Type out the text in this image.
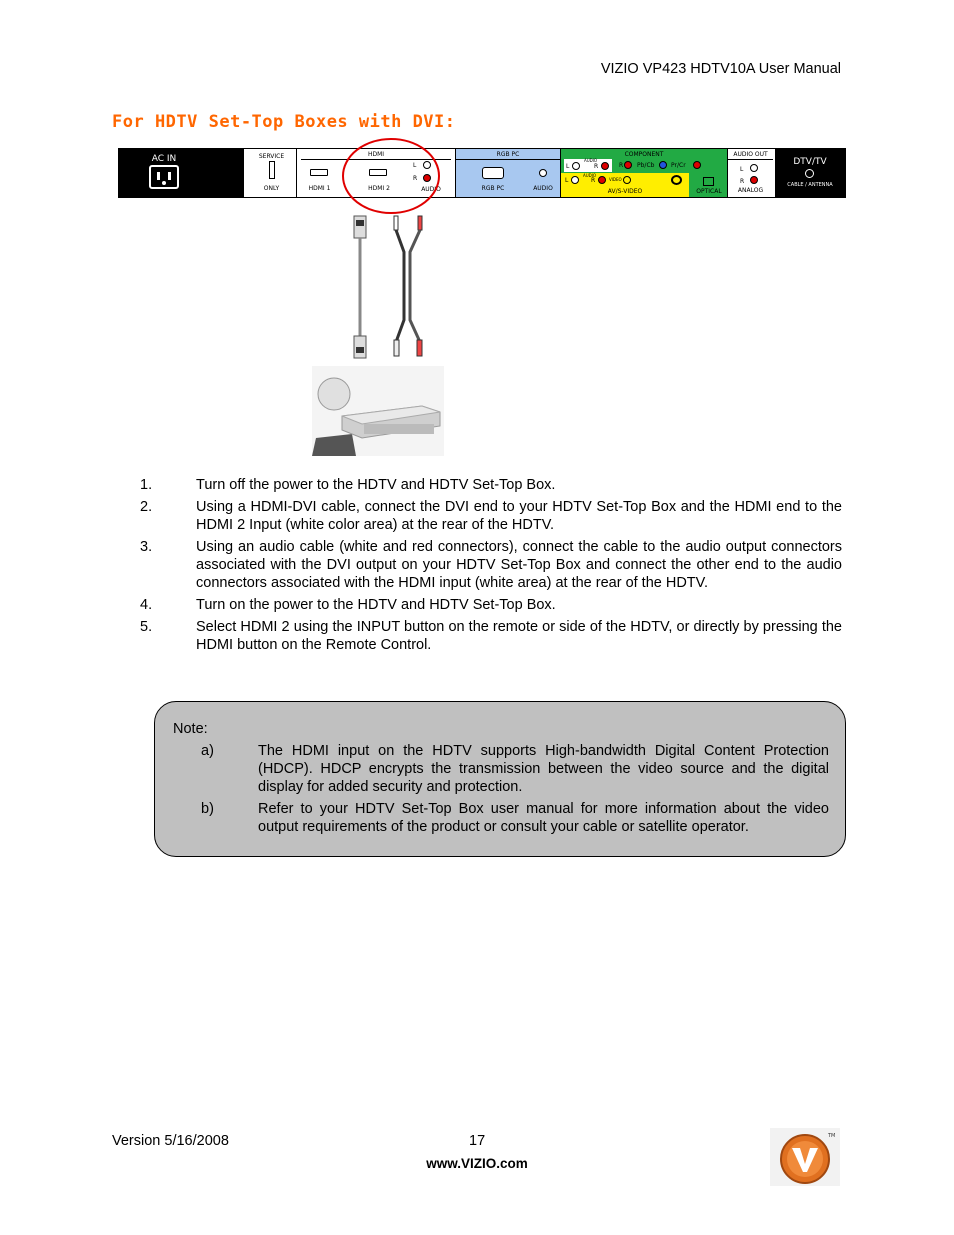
VIZIO VP423 HDTV10A User Manual
For HDTV Set-Top Boxes with DVI:
AC IN	SERVICE
ONLY	HDMI 1
HDMI
HDMI 2
L
R
AUDIO
RGB PC
RGB PC	AUDIO
COMPONENT
AUDIO
L	R	R Pb/Cb	Pr/Cr
AUDIO
L	R	VIDEO
AV/S-VIDEO	OPTICAL
AUDIO OUT
L
R
ANALOG
DTV/TV
CABLE / ANTENNA
1.	Turn off the power to the HDTV and HDTV Set-Top Box.
2.	Using a HDMI-DVI cable, connect the DVI end to your HDTV Set-Top Box and the HDMI end to the HDMI 2 Input (white color area) at the rear of the HDTV.
3.	Using an audio cable (white and red connectors), connect the cable to the audio output connectors associated with the DVI output on your HDTV Set-Top Box and connect the other end to the audio connectors associated with the HDMI input (white area) at the rear of the HDTV.
4.	Turn on the power to the HDTV and HDTV Set-Top Box.
5.	Select HDMI 2 using the INPUT button on the remote or side of the HDTV, or directly by pressing the HDMI button on the Remote Control.
Note:
a)	The HDMI input on the HDTV supports High-bandwidth Digital Content Protection (HDCP). HDCP encrypts the transmission between the video source and the digital display for added security and protection.
b)	Refer to your HDTV Set-Top Box user manual for more information about the video output requirements of the product or consult your cable or satellite operator.
Version 5/16/2008	17
www.VIZIO.com
TM
